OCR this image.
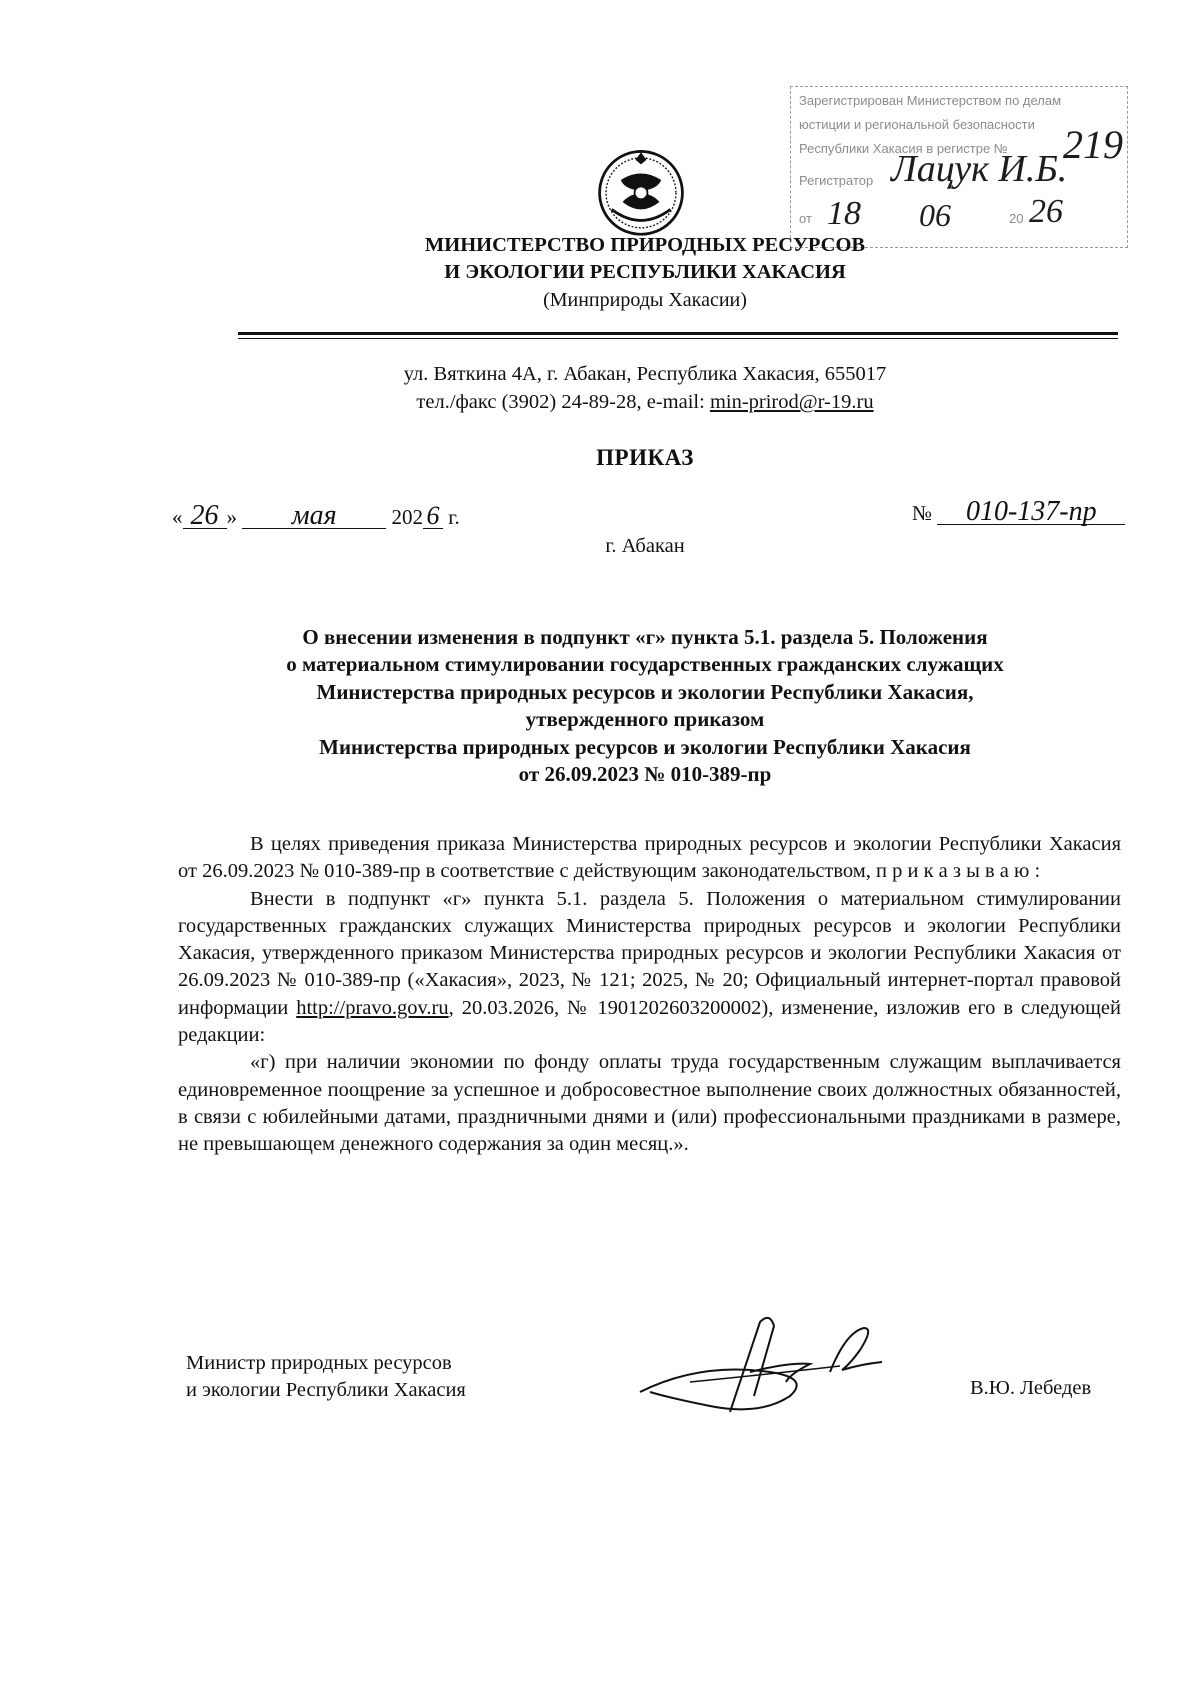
Зарегистрирован Министерством по делам
юстиции и региональной безопасности
Республики Хакасия в регистре № 219
Регистратор Лацук И.Б.
от 18 06	20 26
МИНИСТЕРСТВО ПРИРОДНЫХ РЕСУРСОВ
И ЭКОЛОГИИ РЕСПУБЛИКИ ХАКАСИЯ
(Минприроды Хакасии)
ул. Вяткина 4А, г. Абакан, Республика Хакасия, 655017
тел./факс (3902) 24-89-28, e-mail: min-prirod@r-19.ru
ПРИКАЗ
« 26 » мая	202 6 г.	№ 010-137-пр
г. Абакан
О внесении изменения в подпункт «г» пункта 5.1. раздела 5. Положения
о материальном стимулировании государственных гражданских служащих
Министерства природных ресурсов и экологии Республики Хакасия,
утвержденного приказом
Министерства природных ресурсов и экологии Республики Хакасия
от 26.09.2023 № 010-389-пр

В целях приведения приказа Министерства природных ресурсов и экологии Республики Хакасия от 26.09.2023 № 010-389-пр в соответствие с действующим законодательством, п р и к а з ы в а ю :

Внести в подпункт «г» пункта 5.1. раздела 5. Положения о материальном стимулировании государственных гражданских служащих Министерства природных ресурсов и экологии Республики Хакасия, утвержденного приказом Министерства природных ресурсов и экологии Республики Хакасия от 26.09.2023 № 010-389-пр («Хакасия», 2023, № 121; 2025, № 20; Официальный интернет-портал правовой информации http://pravo.gov.ru, 20.03.2026, № 1901202603200002), изменение, изложив его в следующей редакции:

«г) при наличии экономии по фонду оплаты труда государственным служащим выплачивается единовременное поощрение за успешное и добросовестное выполнение своих должностных обязанностей, в связи с юбилейными датами, праздничными днями и (или) профессиональными праздниками в размере, не превышающем денежного содержания за один месяц.».

Министр природных ресурсов
и экологии Республики Хакасия	В.Ю. Лебедев
